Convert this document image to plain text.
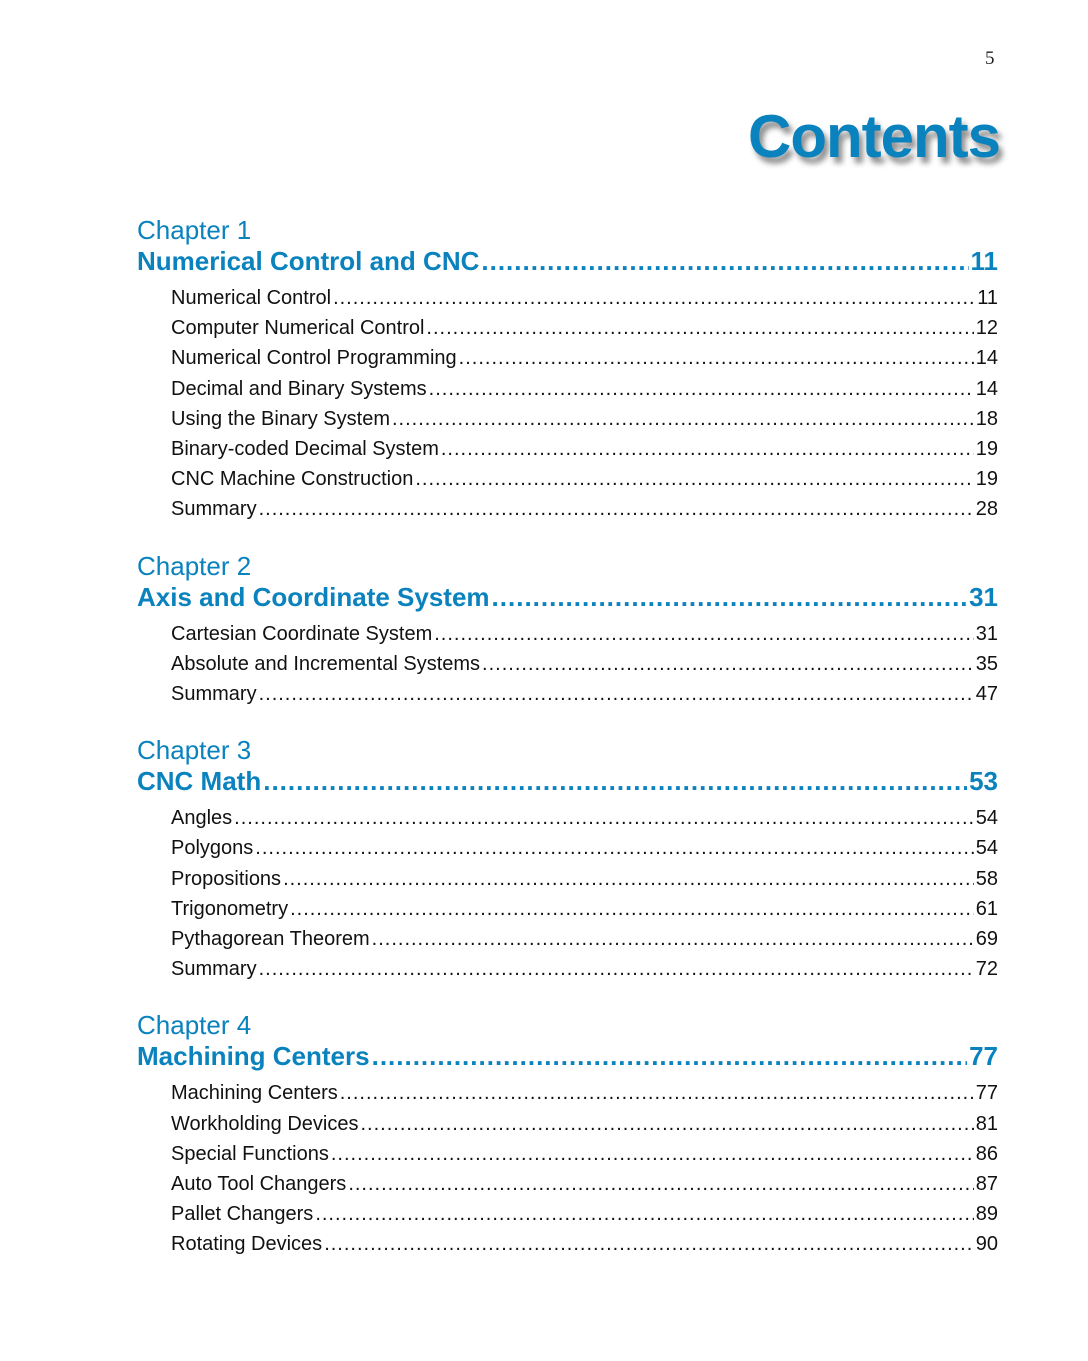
5
Contents
Chapter 1
Numerical Control and CNC .....	11
Numerical Control .....	11
Computer Numerical Control .....	12
Numerical Control Programming .....	14
Decimal and Binary Systems .....	14
Using the Binary System .....	18
Binary-coded Decimal System .....	19
CNC Machine Construction .....	19
Summary .....	28
Chapter 2
Axis and Coordinate System .....	31
Cartesian Coordinate System .....	31
Absolute and Incremental Systems .....	35
Summary .....	47
Chapter 3
CNC Math .....	53
Angles .....	54
Polygons .....	54
Propositions .....	58
Trigonometry .....	61
Pythagorean Theorem .....	69
Summary .....	72
Chapter 4
Machining Centers .....	77
Machining Centers .....	77
Workholding Devices .....	81
Special Functions .....	86
Auto Tool Changers .....	87
Pallet Changers .....	89
Rotating Devices .....	90
